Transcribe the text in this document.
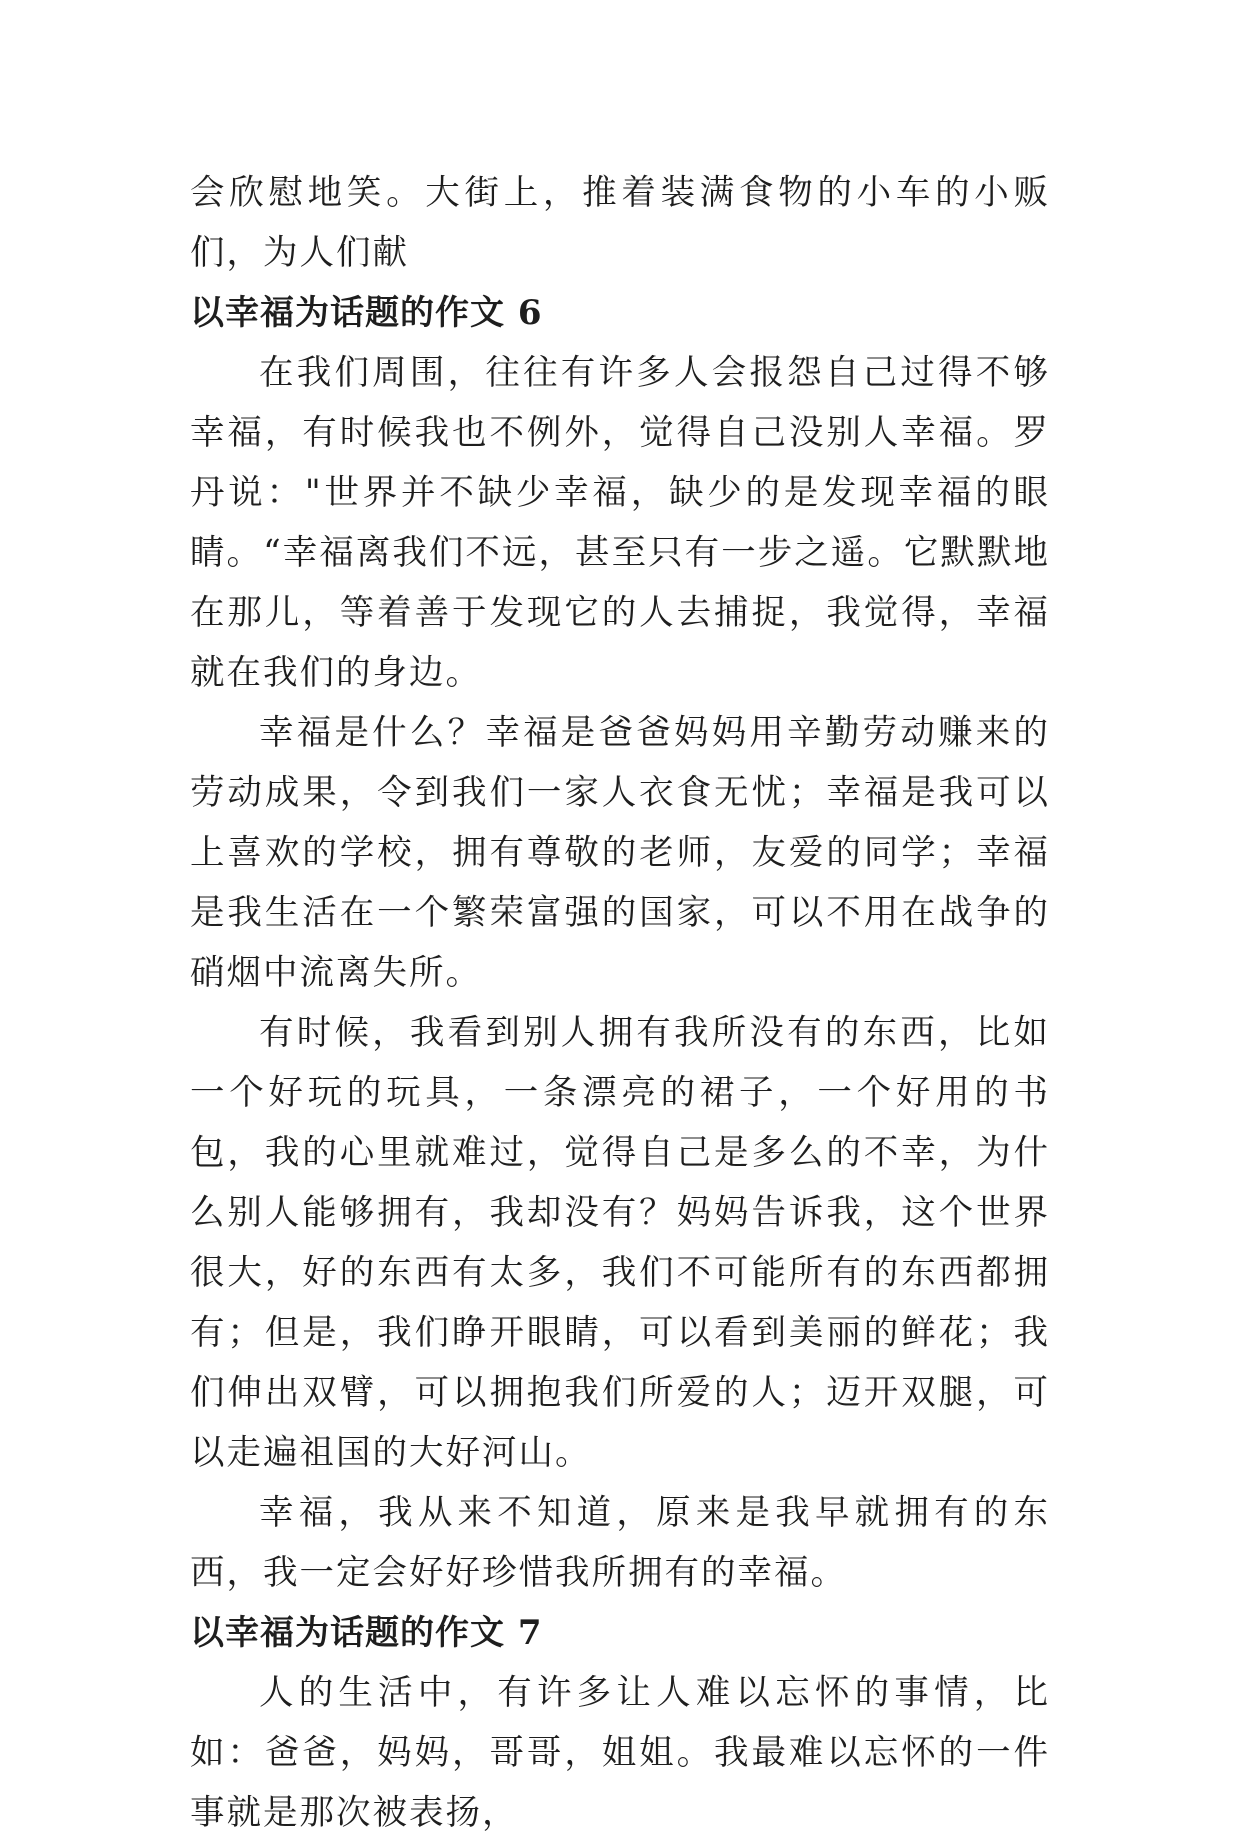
会欣慰地笑。大街上，推着装满食物的小车的小贩们，为人们献

以幸福为话题的作文 6

在我们周围，往往有许多人会报怨自己过得不够幸福，有时候我也不例外，觉得自己没别人幸福。罗丹说："世界并不缺少幸福，缺少的是发现幸福的眼睛。“幸福离我们不远，甚至只有一步之遥。它默默地在那儿，等着善于发现它的人去捕捉，我觉得，幸福就在我们的身边。

幸福是什么？幸福是爸爸妈妈用辛勤劳动赚来的劳动成果，令到我们一家人衣食无忧；幸福是我可以上喜欢的学校，拥有尊敬的老师，友爱的同学；幸福是我生活在一个繁荣富强的国家，可以不用在战争的硝烟中流离失所。

有时候，我看到别人拥有我所没有的东西，比如一个好玩的玩具，一条漂亮的裙子，一个好用的书包，我的心里就难过，觉得自己是多么的不幸，为什么别人能够拥有，我却没有？妈妈告诉我，这个世界很大，好的东西有太多，我们不可能所有的东西都拥有；但是，我们睁开眼睛，可以看到美丽的鲜花；我们伸出双臂，可以拥抱我们所爱的人；迈开双腿，可以走遍祖国的大好河山。

幸福，我从来不知道，原来是我早就拥有的东西，我一定会好好珍惜我所拥有的幸福。

以幸福为话题的作文 7

人的生活中，有许多让人难以忘怀的事情，比如：爸爸，妈妈，哥哥，姐姐。我最难以忘怀的一件事就是那次被表扬，
